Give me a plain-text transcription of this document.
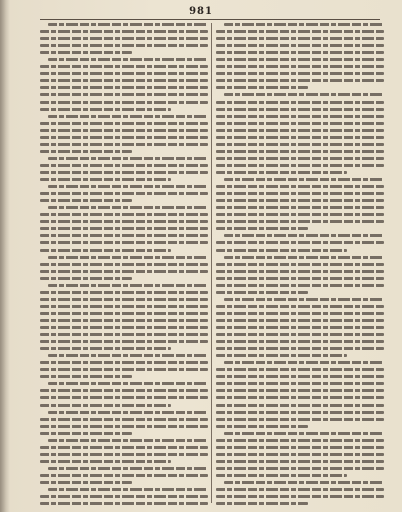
981
